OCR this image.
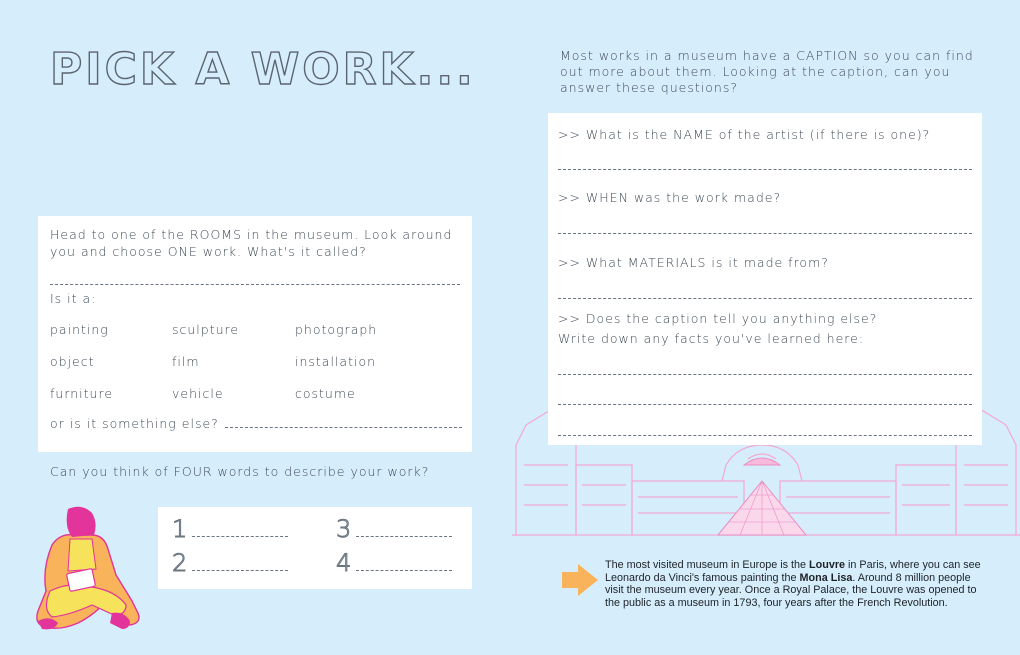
PICK A WORK...
Head to one of the ROOMS in the museum. Look around you and choose ONE work. What's it called?
Is it a:
painting	sculpture	photograph
object	film	installation
furniture	vehicle	costume
or is it something else?
Can you think of FOUR words to describe your work?
1
2
3
4
Most works in a museum have a CAPTION so you can find out more about them. Looking at the caption, can you answer these questions?
>> What is the NAME of the artist (if there is one)?
>> WHEN was the work made?
>> What MATERIALS is it made from?
>> Does the caption tell you anything else?
Write down any facts you've learned here:
The most visited museum in Europe is the Louvre in Paris, where you can see Leonardo da Vinci's famous painting the Mona Lisa. Around 8 million people visit the museum every year. Once a Royal Palace, the Louvre was opened to the public as a museum in 1793, four years after the French Revolution.
